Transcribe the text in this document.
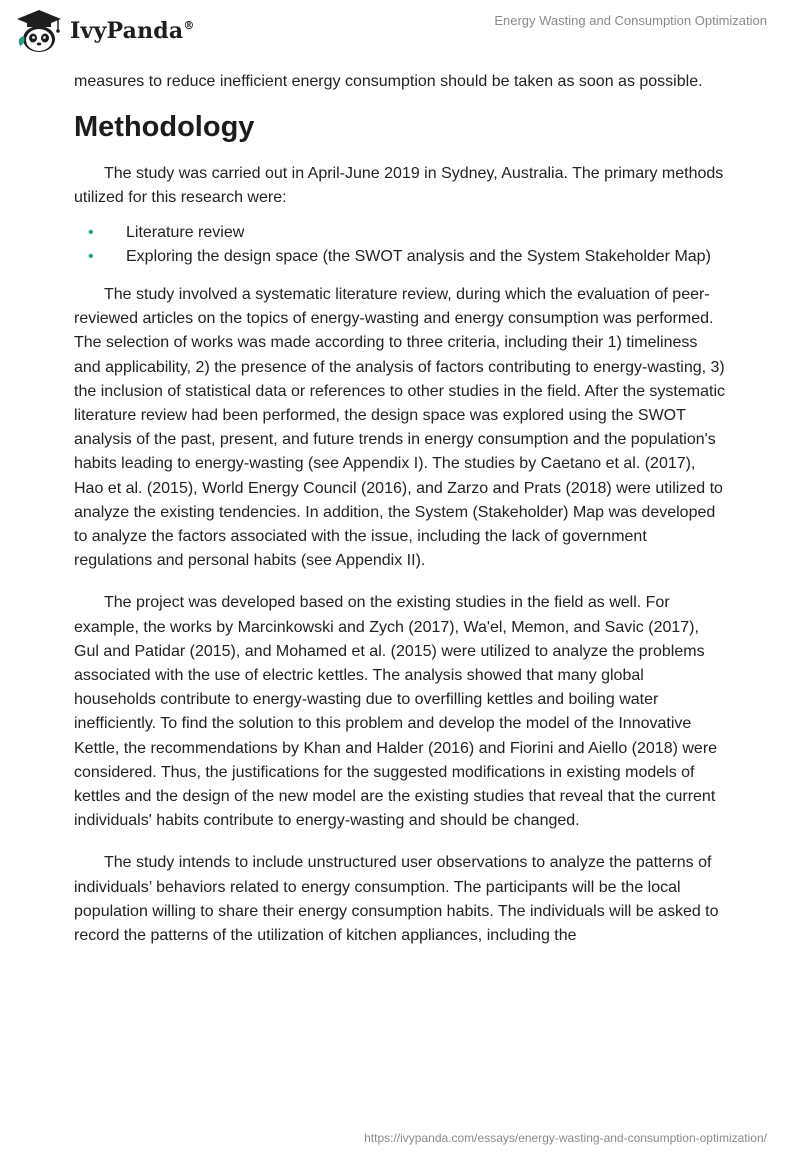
IvyPanda®	Energy Wasting and Consumption Optimization

measures to reduce inefficient energy consumption should be taken as soon as possible.

Methodology

The study was carried out in April-June 2019 in Sydney, Australia. The primary methods utilized for this research were:

• Literature review
• Exploring the design space (the SWOT analysis and the System Stakeholder Map)

The study involved a systematic literature review, during which the evaluation of peer-reviewed articles on the topics of energy-wasting and energy consumption was performed. The selection of works was made according to three criteria, including their 1) timeliness and applicability, 2) the presence of the analysis of factors contributing to energy-wasting, 3) the inclusion of statistical data or references to other studies in the field. After the systematic literature review had been performed, the design space was explored using the SWOT analysis of the past, present, and future trends in energy consumption and the population's habits leading to energy-wasting (see Appendix I). The studies by Caetano et al. (2017), Hao et al. (2015), World Energy Council (2016), and Zarzo and Prats (2018) were utilized to analyze the existing tendencies. In addition, the System (Stakeholder) Map was developed to analyze the factors associated with the issue, including the lack of government regulations and personal habits (see Appendix II).

The project was developed based on the existing studies in the field as well. For example, the works by Marcinkowski and Zych (2017), Wa'el, Memon, and Savic (2017), Gul and Patidar (2015), and Mohamed et al. (2015) were utilized to analyze the problems associated with the use of electric kettles. The analysis showed that many global households contribute to energy-wasting due to overfilling kettles and boiling water inefficiently. To find the solution to this problem and develop the model of the Innovative Kettle, the recommendations by Khan and Halder (2016) and Fiorini and Aiello (2018) were considered. Thus, the justifications for the suggested modifications in existing models of kettles and the design of the new model are the existing studies that reveal that the current individuals' habits contribute to energy-wasting and should be changed.

The study intends to include unstructured user observations to analyze the patterns of individuals’ behaviors related to energy consumption. The participants will be the local population willing to share their energy consumption habits. The individuals will be asked to record the patterns of the utilization of kitchen appliances, including the

https://ivypanda.com/essays/energy-wasting-and-consumption-optimization/
